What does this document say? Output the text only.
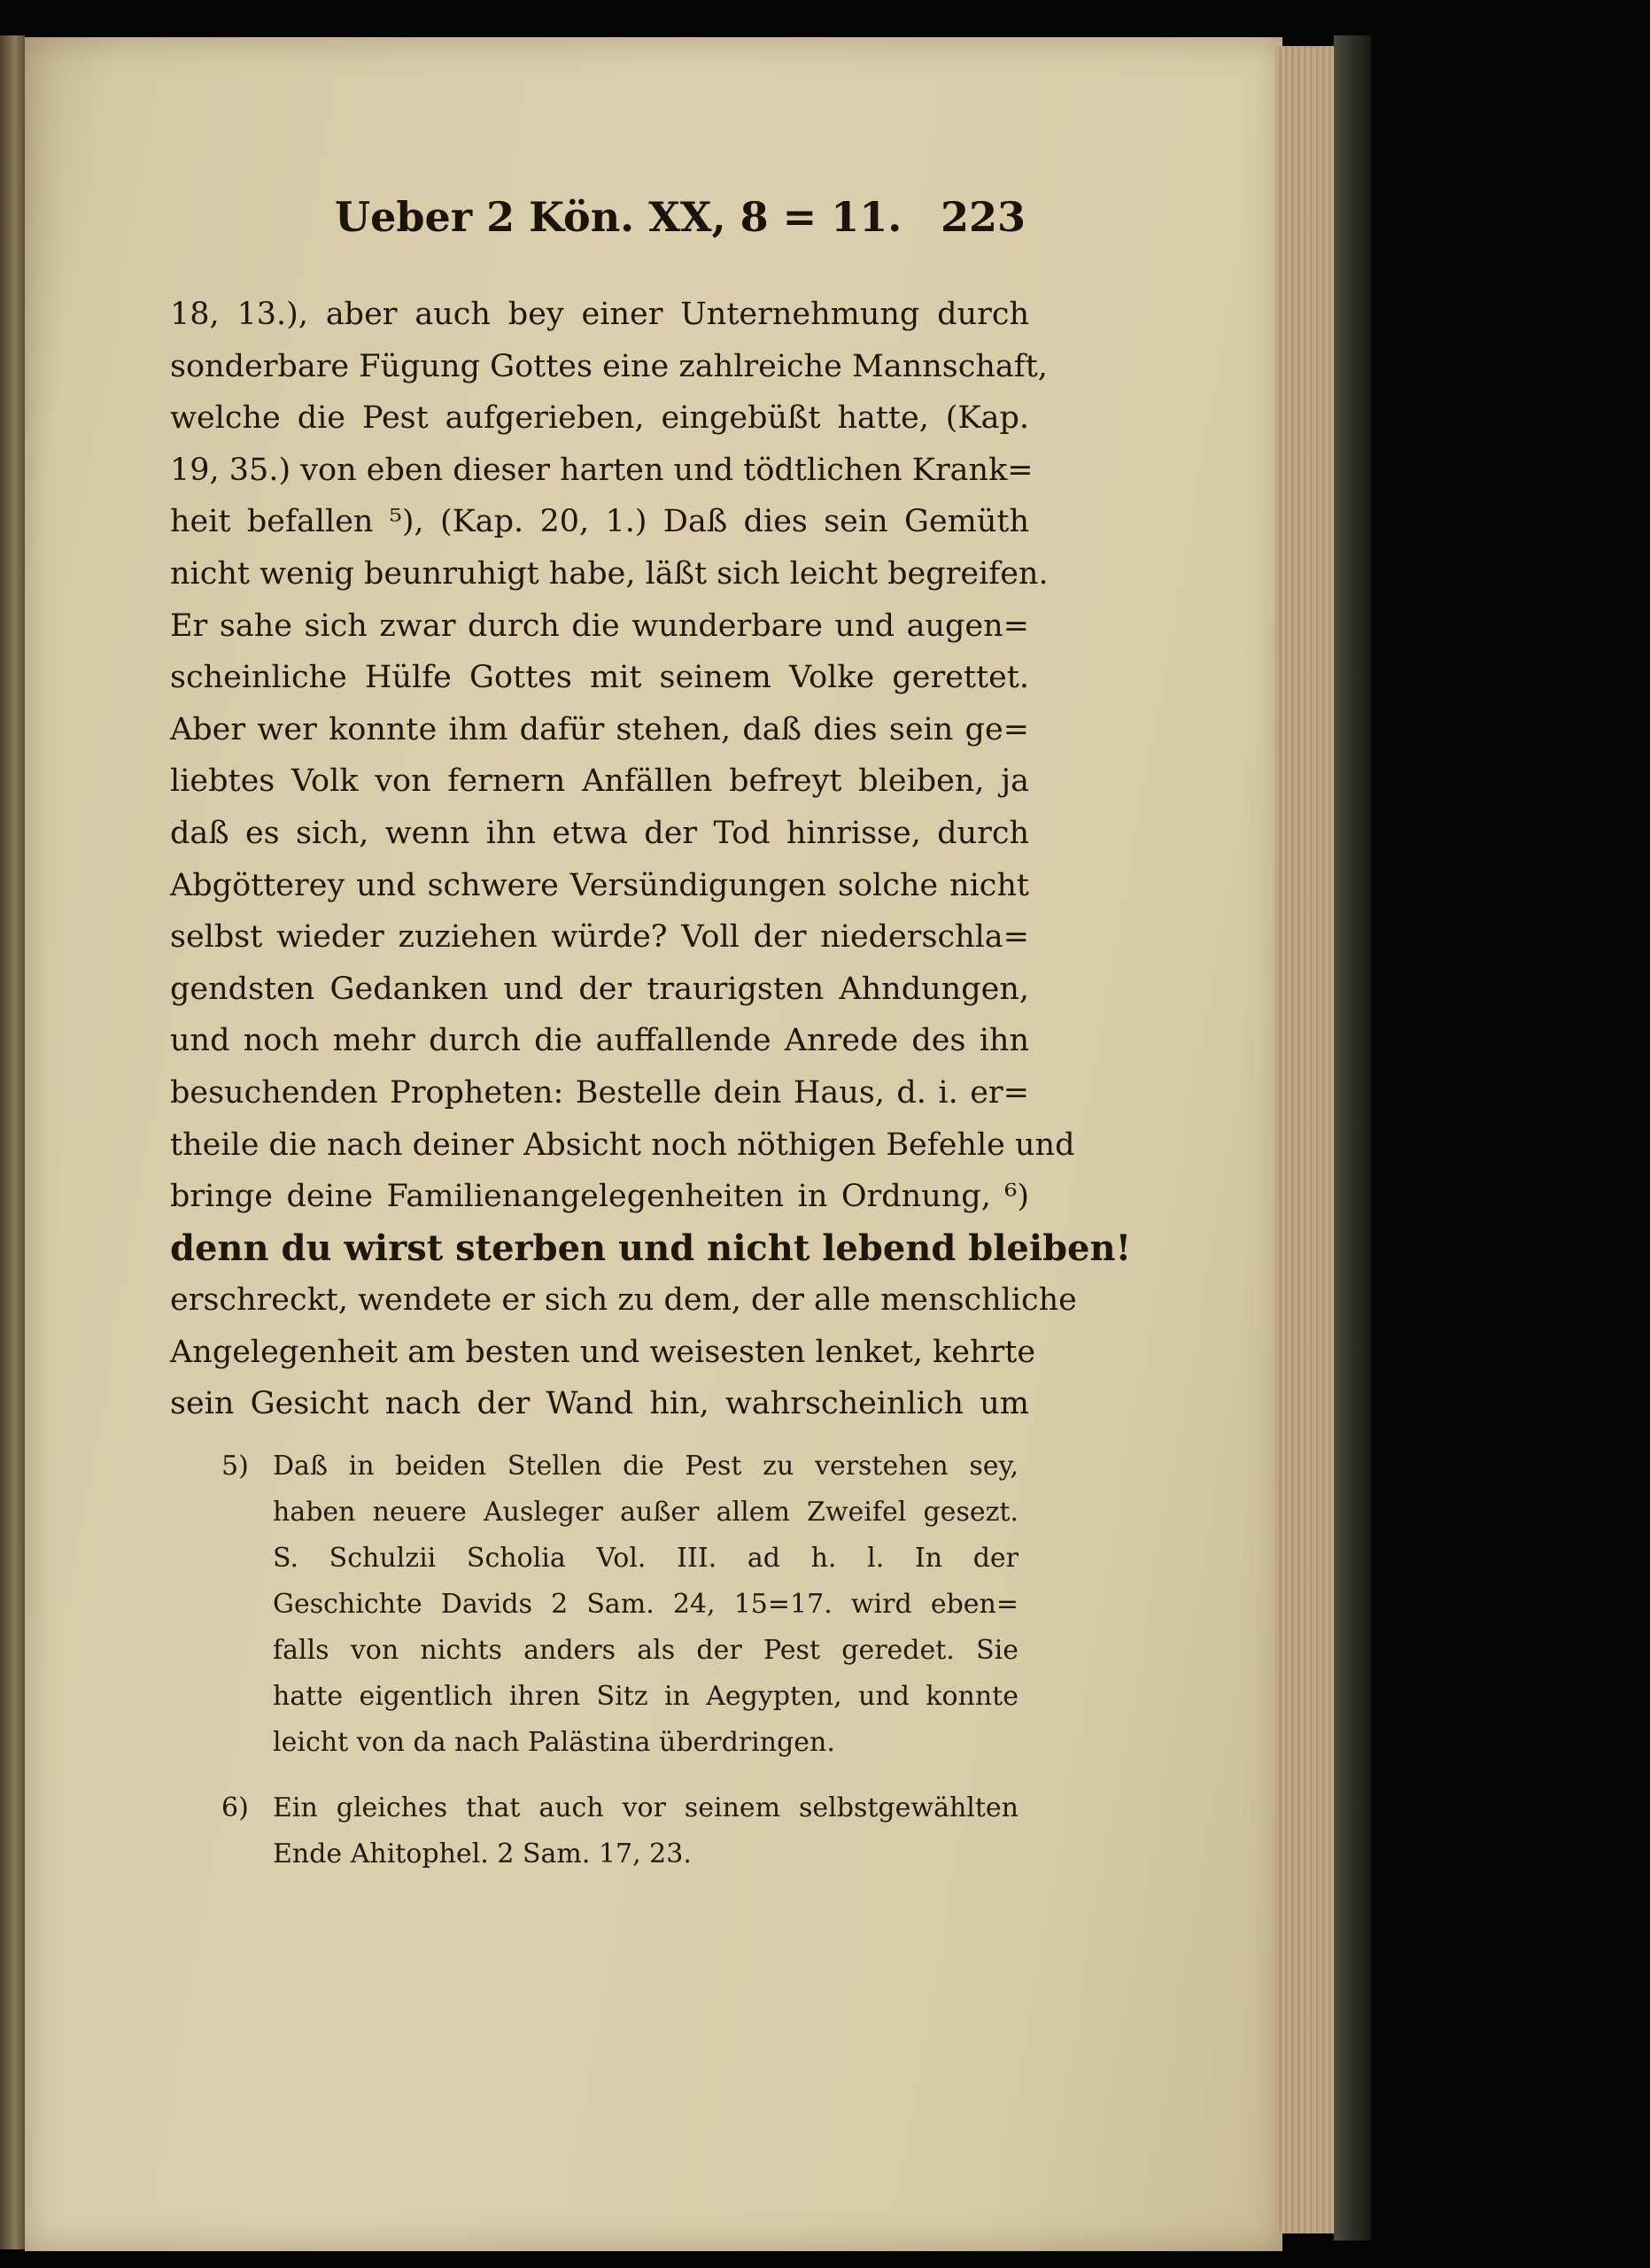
Ueber 2 Kön. XX, 8 = 11. 223
18, 13.), aber auch bey einer Unternehmung durch
sonderbare Fügung Gottes eine zahlreiche Mannschaft,
welche die Pest aufgerieben, eingebüßt hatte, (Kap.
19, 35.) von eben dieser harten und tödtlichen Krank=
heit befallen ⁵), (Kap. 20, 1.) Daß dies sein Gemüth
nicht wenig beunruhigt habe, läßt sich leicht begreifen.
Er sahe sich zwar durch die wunderbare und augen=
scheinliche Hülfe Gottes mit seinem Volke gerettet.
Aber wer konnte ihm dafür stehen, daß dies sein ge=
liebtes Volk von fernern Anfällen befreyt bleiben, ja
daß es sich, wenn ihn etwa der Tod hinrisse, durch
Abgötterey und schwere Versündigungen solche nicht
selbst wieder zuziehen würde? Voll der niederschla=
gendsten Gedanken und der traurigsten Ahndungen,
und noch mehr durch die auffallende Anrede des ihn
besuchenden Propheten: Bestelle dein Haus, d. i. er=
theile die nach deiner Absicht noch nöthigen Befehle und
bringe deine Familienangelegenheiten in Ordnung, ⁶)
denn du wirst sterben und nicht lebend bleiben!
erschreckt, wendete er sich zu dem, der alle menschliche
Angelegenheit am besten und weisesten lenket, kehrte
sein Gesicht nach der Wand hin, wahrscheinlich um
5) Daß in beiden Stellen die Pest zu verstehen sey,
haben neuere Ausleger außer allem Zweifel gesezt.
S. Schulzii Scholia Vol. III. ad h. l. In der
Geschichte Davids 2 Sam. 24, 15=17. wird eben=
falls von nichts anders als der Pest geredet. Sie
hatte eigentlich ihren Sitz in Aegypten, und konnte
leicht von da nach Palästina überdringen.
6) Ein gleiches that auch vor seinem selbstgewählten
Ende Ahitophel. 2 Sam. 17, 23.
